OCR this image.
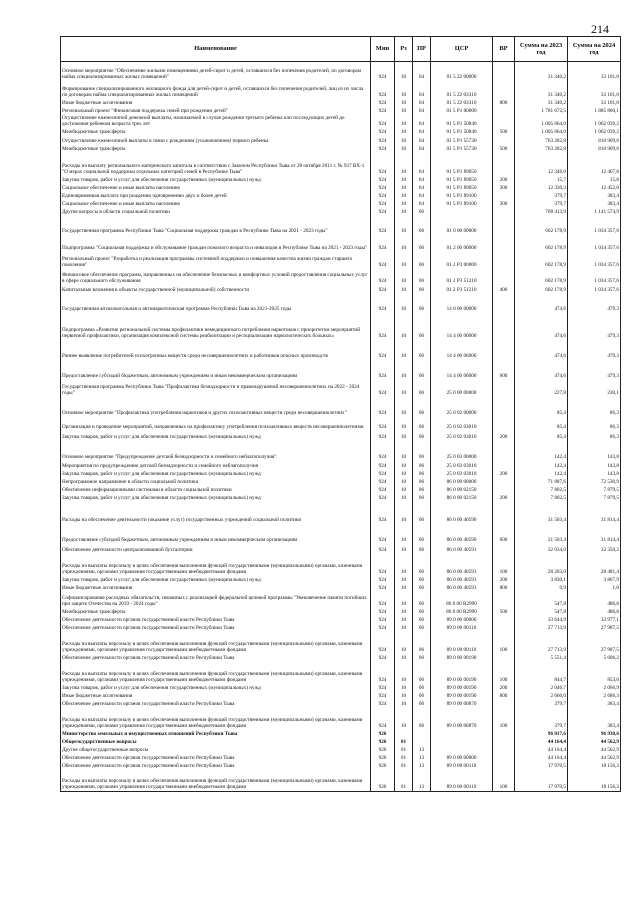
214
Наименование	Мин	Рз	ПР	ЦСР	ВР	Сумма на 2023 год	Сумма на 2024 год
Основное мероприятие "Обеспечение жилыми помещениями детей-сирот и детей, оставшихся без попечения родителей, по договорам найма специализированных жилых помещений"	924	10	04	01 5 22 00000		31 340,2	33 101,0
Формирование специализированного жилищного фонда для детей-сирот и детей, оставшихся без попечения родителей, лиц из их числа по договорам найма специализированных жилых помещений	924	10	04	01 5 22 03310		31 340,2	33 101,0
Иные бюджетные ассигнования	924	10	04	01 5 22 03310	800	31 340,2	33 101,0
Региональный проект "Финансовая поддержка семей при рождении детей"	924	10	04	01 5 P1 00000		1 781 672,5	1 885 860,1
Осуществление ежемесячной денежной выплаты, назначаемой в случае рождения третьего ребенка или последующих детей до достижения ребенком возраста трех лет	924	10	04	01 5 P1 50840		1 005 664,0	1 062 039,2
Межбюджетные трансферты	924	10	04	01 5 P1 50840	500	1 005 664,0	1 062 039,2
Осуществление ежемесячной выплаты в связи с рождением (усыновлением) первого ребенка	924	10	04	01 5 P1 55730		763 282,8	810 969,6
Межбюджетные трансферты	924	10	04	01 5 P1 55730	500	763 282,8	810 969,6
Расходы на выплату регионального материнского капитала в соответствии с Законом Республики Тыва от 28 октября 2011 г. № 937 ВХ-1 "О мерах социальной поддержки отдельных категорий семей в Республике Тыва"	924	10	04	01 5 P1 89050		12 346,0	12 467,8
Закупка товаров, работ и услуг для обеспечения государственных (муниципальных) нужд	924	10	04	01 5 P1 89050	200	15,7	15,8
Социальное обеспечение и иные выплаты населению	924	10	04	01 5 P1 89050	300	12 330,3	12 452,0
Единовременная выплата при рождении одновременно двух и более детей	924	10	04	01 5 P1 89100		379,7	383,4
Социальное обеспечение и иные выплаты населению	924	10	04	01 5 P1 89100	300	379,7	383,4
Другие вопросы в области социальной политики	924	10	06			708 413,9	1 141 574,9
Государственная программа Республики Тыва "Социальная поддержка граждан в Республике Тыва на 2021 - 2023 годы"	924	10	06	01 0 00 00000		602 178,9	1 034 357,6
Подпрограмма "Социальная поддержка и обслуживание граждан пожилого возраста и инвалидов в Республике Тыва на 2021 - 2023 годы"	924	10	06	01 2 00 00000		602 178,9	1 034 357,6
Региональный проект "Разработка и реализация программы системной поддержки и повышения качества жизни граждан старшего поколения"	924	10	06	01 2 P3 00000		602 178,9	1 034 357,6
Финансовое обеспечение программ, направленных на обеспечение безопасных и комфортных условий предоставления социальных услуг в сфере социального обслуживания	924	10	06	01 2 P3 51210		602 178,9	1 034 357,6
Капитальные вложения в объекты государственной (муниципальной) собственности	924	10	06	01 2 P3 51210	400	602 178,9	1 034 357,6
Государственная антиалкогольная и антинаркотическая программа Республики Тыва на 2021-2025 годы	924	10	06	14 0 00 00000		474,6	479,3
Подпрограмма «Развитие региональной системы профилактики немедицинского потребления наркотиков с приоритетом мероприятий первичной профилактики, организация комплексной системы реабилитации и ресоциализации наркологических больных»	924	10	06	14 4 00 00000		474,6	479,3
Раннее выявление потребителей психотропных веществ среди несовершеннолетних и работников опасных производств	924	10	06	14 4 00 06000		474,6	479,3
Предоставление субсидий бюджетным, автономным учреждениям и иным некоммерческим организациям	924	10	06	14 4 00 06000	600	474,6	479,3
Государственная программа Республики Тыва "Профилактика безнадзорности и правонарушений несовершеннолетних на 2022 - 2024 годы"	924	10	06	25 0 00 00000		227,8	230,1
Основное мероприятие "Профилактика употребления наркотиков и других психоактивных веществ среди несовершеннолетних"	924	10	06	25 0 02 00000		85,4	86,3
Организация и проведение мероприятий, направленных на профилактику употребления психоактивных веществ несовершеннолетними	924	10	06	25 0 02 03010		85,4	86,3
Закупка товаров, работ и услуг для обеспечения государственных (муниципальных) нужд	924	10	06	25 0 02 03010	200	85,4	86,3
Основное мероприятие "Предупреждение детской безнадзорности и семейного неблагополучия"	924	10	06	25 0 03 00000		142,4	143,8
Мероприятия по предупреждению детской безнадзорности и семейного неблагополучия	924	10	06	25 0 03 03010		142,4	143,8
Закупка товаров, работ и услуг для обеспечения государственных (муниципальных) нужд	924	10	06	25 0 03 03010	200	142,4	143,8
Непрограммное направление в области социальной политики	924	10	06	86 0 00 00000		71 887,6	72 530,9
Обеспечение информационными системами в области социальной политики	924	10	06	86 0 00 02150		7 802,5	7 879,5
Закупка товаров, работ и услуг для обеспечения государственных (муниципальных) нужд	924	10	06	86 0 00 02150	200	7 802,5	7 879,5
Расходы на обеспечение деятельности (оказание услуг) государственных учреждений социальной политики	924	10	06	86 0 00 40590		31 503,4	31 814,4
Предоставление субсидий бюджетным, автономным учреждениям и иным некоммерческим организациям	924	10	06	86 0 00 40590	600	31 503,4	31 814,4
Обеспечение деятельности централизованной бухгалтерии	924	10	06	86 0 00 40591		32 034,0	32 350,2
Расходы на выплаты персоналу в целях обеспечения выполнения функций государственными (муниципальными) органами, казенными учреждениями, органами управления государственными внебюджетными фондами	924	10	06	86 0 00 40591	100	28 203,0	28 481,4
Закупка товаров, работ и услуг для обеспечения государственных (муниципальных) нужд	924	10	06	86 0 00 40591	200	3 830,1	3 867,9
Иные бюджетные ассигнования	924	10	06	86 0 00 40591	800	0,9	1,0
Софинансирование расходных обязательств, связанных с реализацией федеральной целевой программы "Увековечение памяти погибших при защите Отечества на 2019 - 2024 годы"	924	10	06	86 0 00 R2990		547,8	486,8
Межбюджетные трансферты	924	10	06	86 0 00 R2990	500	547,8	486,8
Обеспечение деятельности органов государственной власти Республики Тыва	924	10	06	89 0 00 00000		33 644,9	33 977,1
Обеспечение деятельности органов государственной власти Республики Тыва	924	10	06	89 0 00 00110		27 713,9	27 987,5
Расходы на выплаты персоналу в целях обеспечения выполнения функций государственными (муниципальными) органами, казенными учреждениями, органами управления государственными внебюджетными фондами	924	10	06	89 0 00 00110	100	27 713,9	27 987,5
Обеспечение деятельности органов государственной власти Республики Тыва	924	10	06	89 0 00 00190		5 551,4	5 606,2
Расходы на выплаты персоналу в целях обеспечения выполнения функций государственными (муниципальными) органами, казенными учреждениями, органами управления государственными внебюджетными фондами	924	10	06	89 0 00 00190	100	844,7	853,0
Закупка товаров, работ и услуг для обеспечения государственных (муниципальных) нужд	924	10	06	89 0 00 00190	200	2 046,7	2 066,9
Иные бюджетные ассигнования	924	10	06	89 0 00 00190	800	2 660,0	2 686,3
Обеспечение деятельности органов государственной власти Республики Тыва	924	10	06	89 0 00 00870		379,7	383,4
Расходы на выплаты персоналу в целях обеспечения выполнения функций государственными (муниципальными) органами, казенными учреждениями, органами управления государственными внебюджетными фондами	924	10	06	89 0 00 00870	100	379,7	383,4
Министерство земельных и имущественных отношений Республики Тыва	926					96 017,6	96 930,6
Общегосударственные вопросы	926	01				44 164,4	44 562,9
Другие общегосударственные вопросы	926	01	13			44 164,4	44 562,9
Обеспечение деятельности органов государственной власти Республики Тыва	926	01	13	89 0 00 00000		44 164,4	44 562,9
Обеспечение деятельности органов государственной власти Республики Тыва	926	01	13	89 0 00 00110		17 970,5	18 156,3
Расходы на выплаты персоналу в целях обеспечения выполнения функций государственными (муниципальными) органами, казенными учреждениями, органами управления государственными внебюджетными фондами	926	01	13	89 0 00 00110	100	17 970,5	18 156,3
